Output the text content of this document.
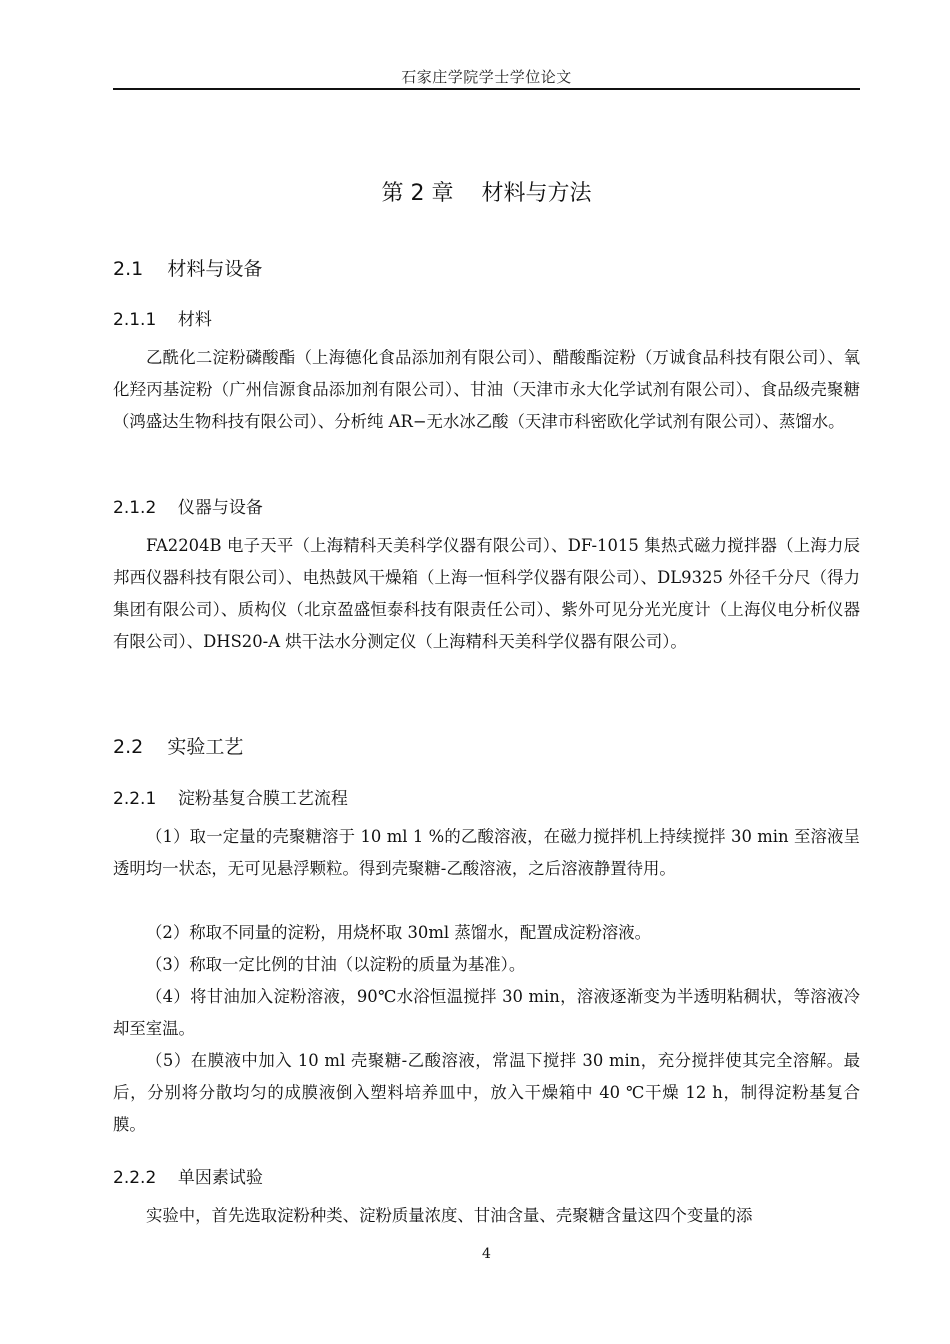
石家庄学院学士学位论文
第 2 章 材料与方法
2.1 材料与设备
2.1.1 材料

乙酰化二淀粉磷酸酯（上海德化食品添加剂有限公司）、醋酸酯淀粉（万诚食品科技有限公司）、氧化羟丙基淀粉（广州信源食品添加剂有限公司）、甘油（天津市永大化学试剂有限公司）、食品级壳聚糖（鸿盛达生物科技有限公司）、分析纯 AR−无水冰乙酸（天津市科密欧化学试剂有限公司）、蒸馏水。

2.1.2 仪器与设备

FA2204B 电子天平（上海精科天美科学仪器有限公司）、DF-1015 集热式磁力搅拌器（上海力辰邦西仪器科技有限公司）、电热鼓风干燥箱（上海一恒科学仪器有限公司）、DL9325 外径千分尺（得力集团有限公司）、质构仪（北京盈盛恒泰科技有限责任公司）、紫外可见分光光度计（上海仪电分析仪器有限公司）、DHS20-A 烘干法水分测定仪（上海精科天美科学仪器有限公司）。

2.2 实验工艺
2.2.1 淀粉基复合膜工艺流程

（1）取一定量的壳聚糖溶于 10 ml 1 %的乙酸溶液，在磁力搅拌机上持续搅拌 30 min 至溶液呈透明均一状态，无可见悬浮颗粒。得到壳聚糖-乙酸溶液，之后溶液静置待用。

（2）称取不同量的淀粉，用烧杯取 30ml 蒸馏水，配置成淀粉溶液。

（3）称取一定比例的甘油（以淀粉的质量为基准）。

（4）将甘油加入淀粉溶液，90℃水浴恒温搅拌 30 min，溶液逐渐变为半透明粘稠状，等溶液冷却至室温。

（5）在膜液中加入 10 ml 壳聚糖-乙酸溶液，常温下搅拌 30 min，充分搅拌使其完全溶解。最后，分别将分散均匀的成膜液倒入塑料培养皿中，放入干燥箱中 40 ℃干燥 12 h，制得淀粉基复合膜。

2.2.2 单因素试验

实验中，首先选取淀粉种类、淀粉质量浓度、甘油含量、壳聚糖含量这四个变量的添

4
